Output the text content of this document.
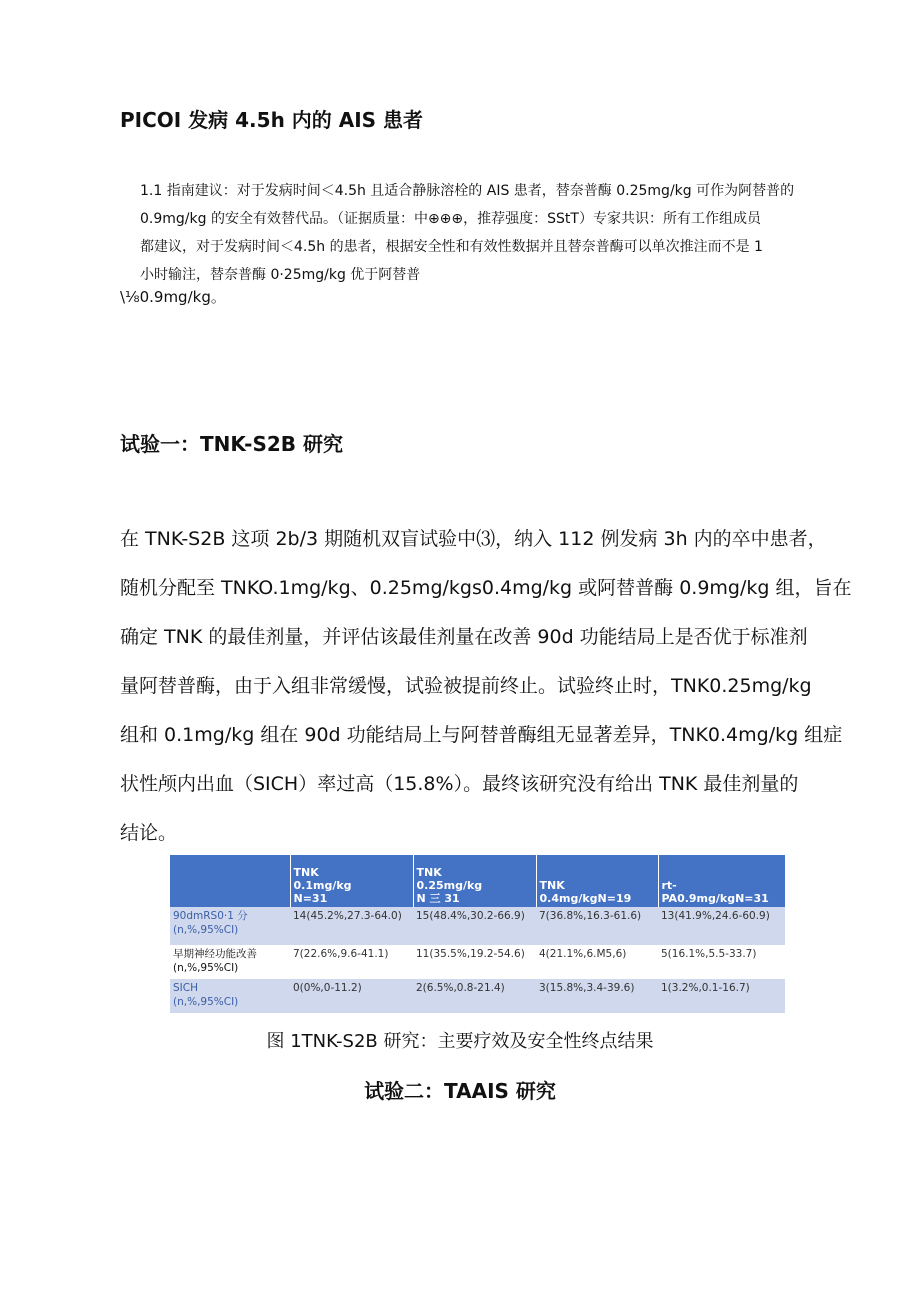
PICOI 发病 4.5h 内的 AIS 患者

1.1 指南建议：对于发病时间＜4.5h 且适合静脉溶栓的 AIS 患者，替奈普酶 0.25mg/kg 可作为阿替普的

0.9mg/kg 的安全有效替代品。（证据质量：中⊕⊕⊕，推荐强度：SStT）专家共识：所有工作组成员

都建议，对于发病时间＜4.5h 的患者，根据安全性和有效性数据并且替奈普酶可以单次推注而不是 1

小时输注，替奈普酶 0·25mg/kg 优于阿替普

\⅛0.9mg∕kg。
试验一：TNK-S2B 研究

在 TNK-S2B 这项 2b∕3 期随机双盲试验中⑶，纳入 112 例发病 3h 内的卒中患者，

随机分配至 TNKO.1mg/kg、0.25mg∕kgs0.4mg∕kg 或阿替普酶 0.9mg∕kg 组，旨在

确定 TNK 的最佳剂量，并评估该最佳剂量在改善 90d 功能结局上是否优于标准剂

量阿替普酶，由于入组非常缓慢，试验被提前终止。试验终止时，TNK0.25mg∕kg

组和 0.1mg/kg 组在 90d 功能结局上与阿替普酶组无显著差异，TNK0.4mg∕kg 组症

状性颅内出血（SICH）率过高（15.8%）。最终该研究没有给出 TNK 最佳剂量的

结论。

	TNK
0.1mg/kg
N=31	TNK
0.25mg/kg
N 三 31	TNK
0.4mg/kgN=19	rt-PA0.9mg/kgN=31

90dmRS0·1 分
(n,%,95%CI)	14(45.2%,27.3-64.0)	15(48.4%,30.2-66.9)	7(36.8%,16.3-61.6)	13(41.9%,24.6-60.9)

早期神经功能改善
(n,%,95%CI)	7(22.6%,9.6-41.1)	11(35.5%,19.2-54.6)	4(21.1%,6.M5,6)	5(16.1%,5.5-33.7)

SICH
(n,%,95%CI)	0(0%,0-11.2)	2(6.5%,0.8-21.4)	3(15.8%,3.4-39.6)	1(3.2%,0.1-16.7)
图 1TNK-S2B 研究：主要疗效及安全性终点结果
试验二：TAAIS 研究
